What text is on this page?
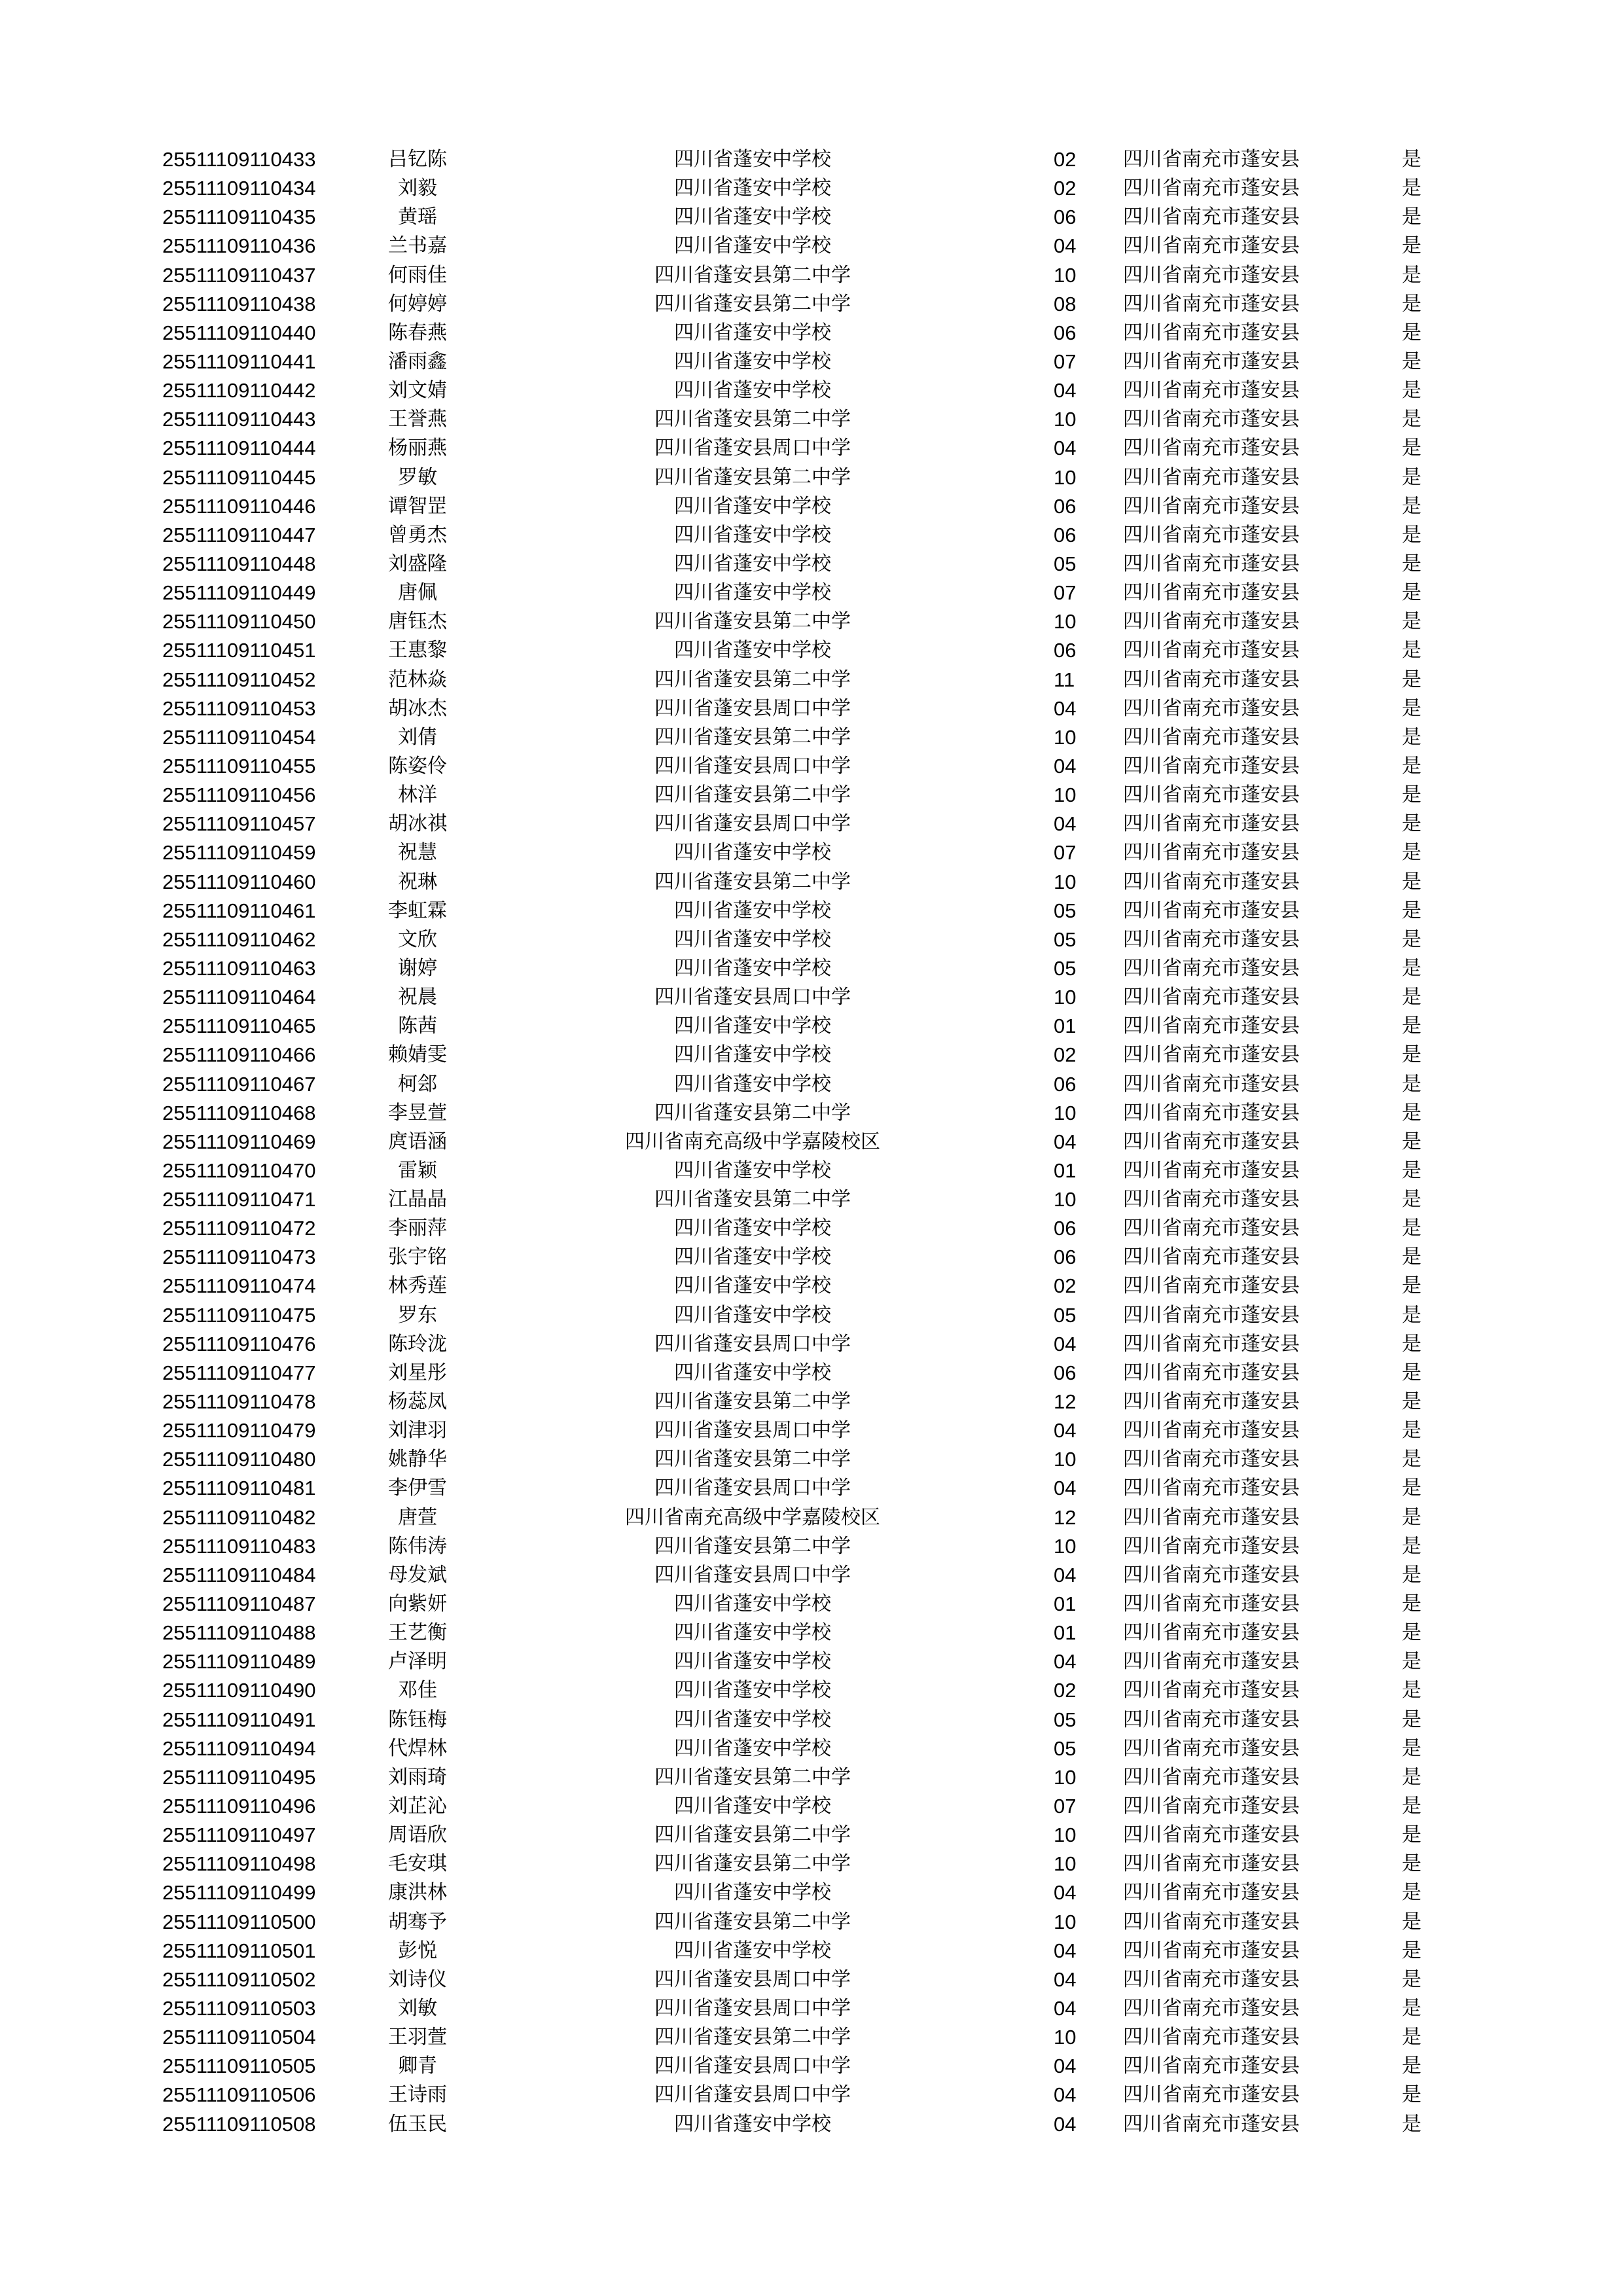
25511109110433	吕钇陈	四川省蓬安中学校	02 四川省南充市蓬安县	是
25511109110434	刘毅	四川省蓬安中学校	02 四川省南充市蓬安县	是
25511109110435	黄瑶	四川省蓬安中学校	06 四川省南充市蓬安县	是
25511109110436	兰书嘉	四川省蓬安中学校	04 四川省南充市蓬安县	是
25511109110437	何雨佳	四川省蓬安县第二中学	10 四川省南充市蓬安县	是
25511109110438	何婷婷	四川省蓬安县第二中学	08 四川省南充市蓬安县	是
25511109110440	陈春燕	四川省蓬安中学校	06 四川省南充市蓬安县	是
25511109110441	潘雨鑫	四川省蓬安中学校	07 四川省南充市蓬安县	是
25511109110442	刘文婧	四川省蓬安中学校	04 四川省南充市蓬安县	是
25511109110443	王誉燕	四川省蓬安县第二中学	10 四川省南充市蓬安县	是
25511109110444	杨丽燕	四川省蓬安县周口中学	04 四川省南充市蓬安县	是
25511109110445	罗敏	四川省蓬安县第二中学	10 四川省南充市蓬安县	是
25511109110446	谭智罡	四川省蓬安中学校	06 四川省南充市蓬安县	是
25511109110447	曾勇杰	四川省蓬安中学校	06 四川省南充市蓬安县	是
25511109110448	刘盛隆	四川省蓬安中学校	05 四川省南充市蓬安县	是
25511109110449	唐佩	四川省蓬安中学校	07 四川省南充市蓬安县	是
25511109110450	唐钰杰	四川省蓬安县第二中学	10 四川省南充市蓬安县	是
25511109110451	王惠黎	四川省蓬安中学校	06 四川省南充市蓬安县	是
25511109110452	范林焱	四川省蓬安县第二中学	11 四川省南充市蓬安县	是
25511109110453	胡冰杰	四川省蓬安县周口中学	04 四川省南充市蓬安县	是
25511109110454	刘倩	四川省蓬安县第二中学	10 四川省南充市蓬安县	是
25511109110455	陈姿伶	四川省蓬安县周口中学	04 四川省南充市蓬安县	是
25511109110456	林洋	四川省蓬安县第二中学	10 四川省南充市蓬安县	是
25511109110457	胡冰祺	四川省蓬安县周口中学	04 四川省南充市蓬安县	是
25511109110459	祝慧	四川省蓬安中学校	07 四川省南充市蓬安县	是
25511109110460	祝琳	四川省蓬安县第二中学	10 四川省南充市蓬安县	是
25511109110461	李虹霖	四川省蓬安中学校	05 四川省南充市蓬安县	是
25511109110462	文欣	四川省蓬安中学校	05 四川省南充市蓬安县	是
25511109110463	谢婷	四川省蓬安中学校	05 四川省南充市蓬安县	是
25511109110464	祝晨	四川省蓬安县周口中学	10 四川省南充市蓬安县	是
25511109110465	陈茜	四川省蓬安中学校	01 四川省南充市蓬安县	是
25511109110466	赖婧雯	四川省蓬安中学校	02 四川省南充市蓬安县	是
25511109110467	柯郐	四川省蓬安中学校	06 四川省南充市蓬安县	是
25511109110468	李昱萱	四川省蓬安县第二中学	10 四川省南充市蓬安县	是
25511109110469	庹语涵	四川省南充高级中学嘉陵校区	04 四川省南充市蓬安县	是
25511109110470	雷颖	四川省蓬安中学校	01 四川省南充市蓬安县	是
25511109110471	江晶晶	四川省蓬安县第二中学	10 四川省南充市蓬安县	是
25511109110472	李丽萍	四川省蓬安中学校	06 四川省南充市蓬安县	是
25511109110473	张宇铭	四川省蓬安中学校	06 四川省南充市蓬安县	是
25511109110474	林秀莲	四川省蓬安中学校	02 四川省南充市蓬安县	是
25511109110475	罗东	四川省蓬安中学校	05 四川省南充市蓬安县	是
25511109110476	陈玲泷	四川省蓬安县周口中学	04 四川省南充市蓬安县	是
25511109110477	刘星彤	四川省蓬安中学校	06 四川省南充市蓬安县	是
25511109110478	杨蕊凤	四川省蓬安县第二中学	12 四川省南充市蓬安县	是
25511109110479	刘津羽	四川省蓬安县周口中学	04 四川省南充市蓬安县	是
25511109110480	姚静华	四川省蓬安县第二中学	10 四川省南充市蓬安县	是
25511109110481	李伊雪	四川省蓬安县周口中学	04 四川省南充市蓬安县	是
25511109110482	唐萱	四川省南充高级中学嘉陵校区	12 四川省南充市蓬安县	是
25511109110483	陈伟涛	四川省蓬安县第二中学	10 四川省南充市蓬安县	是
25511109110484	母发斌	四川省蓬安县周口中学	04 四川省南充市蓬安县	是
25511109110487	向紫妍	四川省蓬安中学校	01 四川省南充市蓬安县	是
25511109110488	王艺衡	四川省蓬安中学校	01 四川省南充市蓬安县	是
25511109110489	卢泽明	四川省蓬安中学校	04 四川省南充市蓬安县	是
25511109110490	邓佳	四川省蓬安中学校	02 四川省南充市蓬安县	是
25511109110491	陈钰梅	四川省蓬安中学校	05 四川省南充市蓬安县	是
25511109110494	代焊林	四川省蓬安中学校	05 四川省南充市蓬安县	是
25511109110495	刘雨琦	四川省蓬安县第二中学	10 四川省南充市蓬安县	是
25511109110496	刘芷沁	四川省蓬安中学校	07 四川省南充市蓬安县	是
25511109110497	周语欣	四川省蓬安县第二中学	10 四川省南充市蓬安县	是
25511109110498	毛安琪	四川省蓬安县第二中学	10 四川省南充市蓬安县	是
25511109110499	康洪林	四川省蓬安中学校	04 四川省南充市蓬安县	是
25511109110500	胡骞予	四川省蓬安县第二中学	10 四川省南充市蓬安县	是
25511109110501	彭悦	四川省蓬安中学校	04 四川省南充市蓬安县	是
25511109110502	刘诗仪	四川省蓬安县周口中学	04 四川省南充市蓬安县	是
25511109110503	刘敏	四川省蓬安县周口中学	04 四川省南充市蓬安县	是
25511109110504	王羽萱	四川省蓬安县第二中学	10 四川省南充市蓬安县	是
25511109110505	卿青	四川省蓬安县周口中学	04 四川省南充市蓬安县	是
25511109110506	王诗雨	四川省蓬安县周口中学	04 四川省南充市蓬安县	是
25511109110508	伍玉民	四川省蓬安中学校	04 四川省南充市蓬安县	是
